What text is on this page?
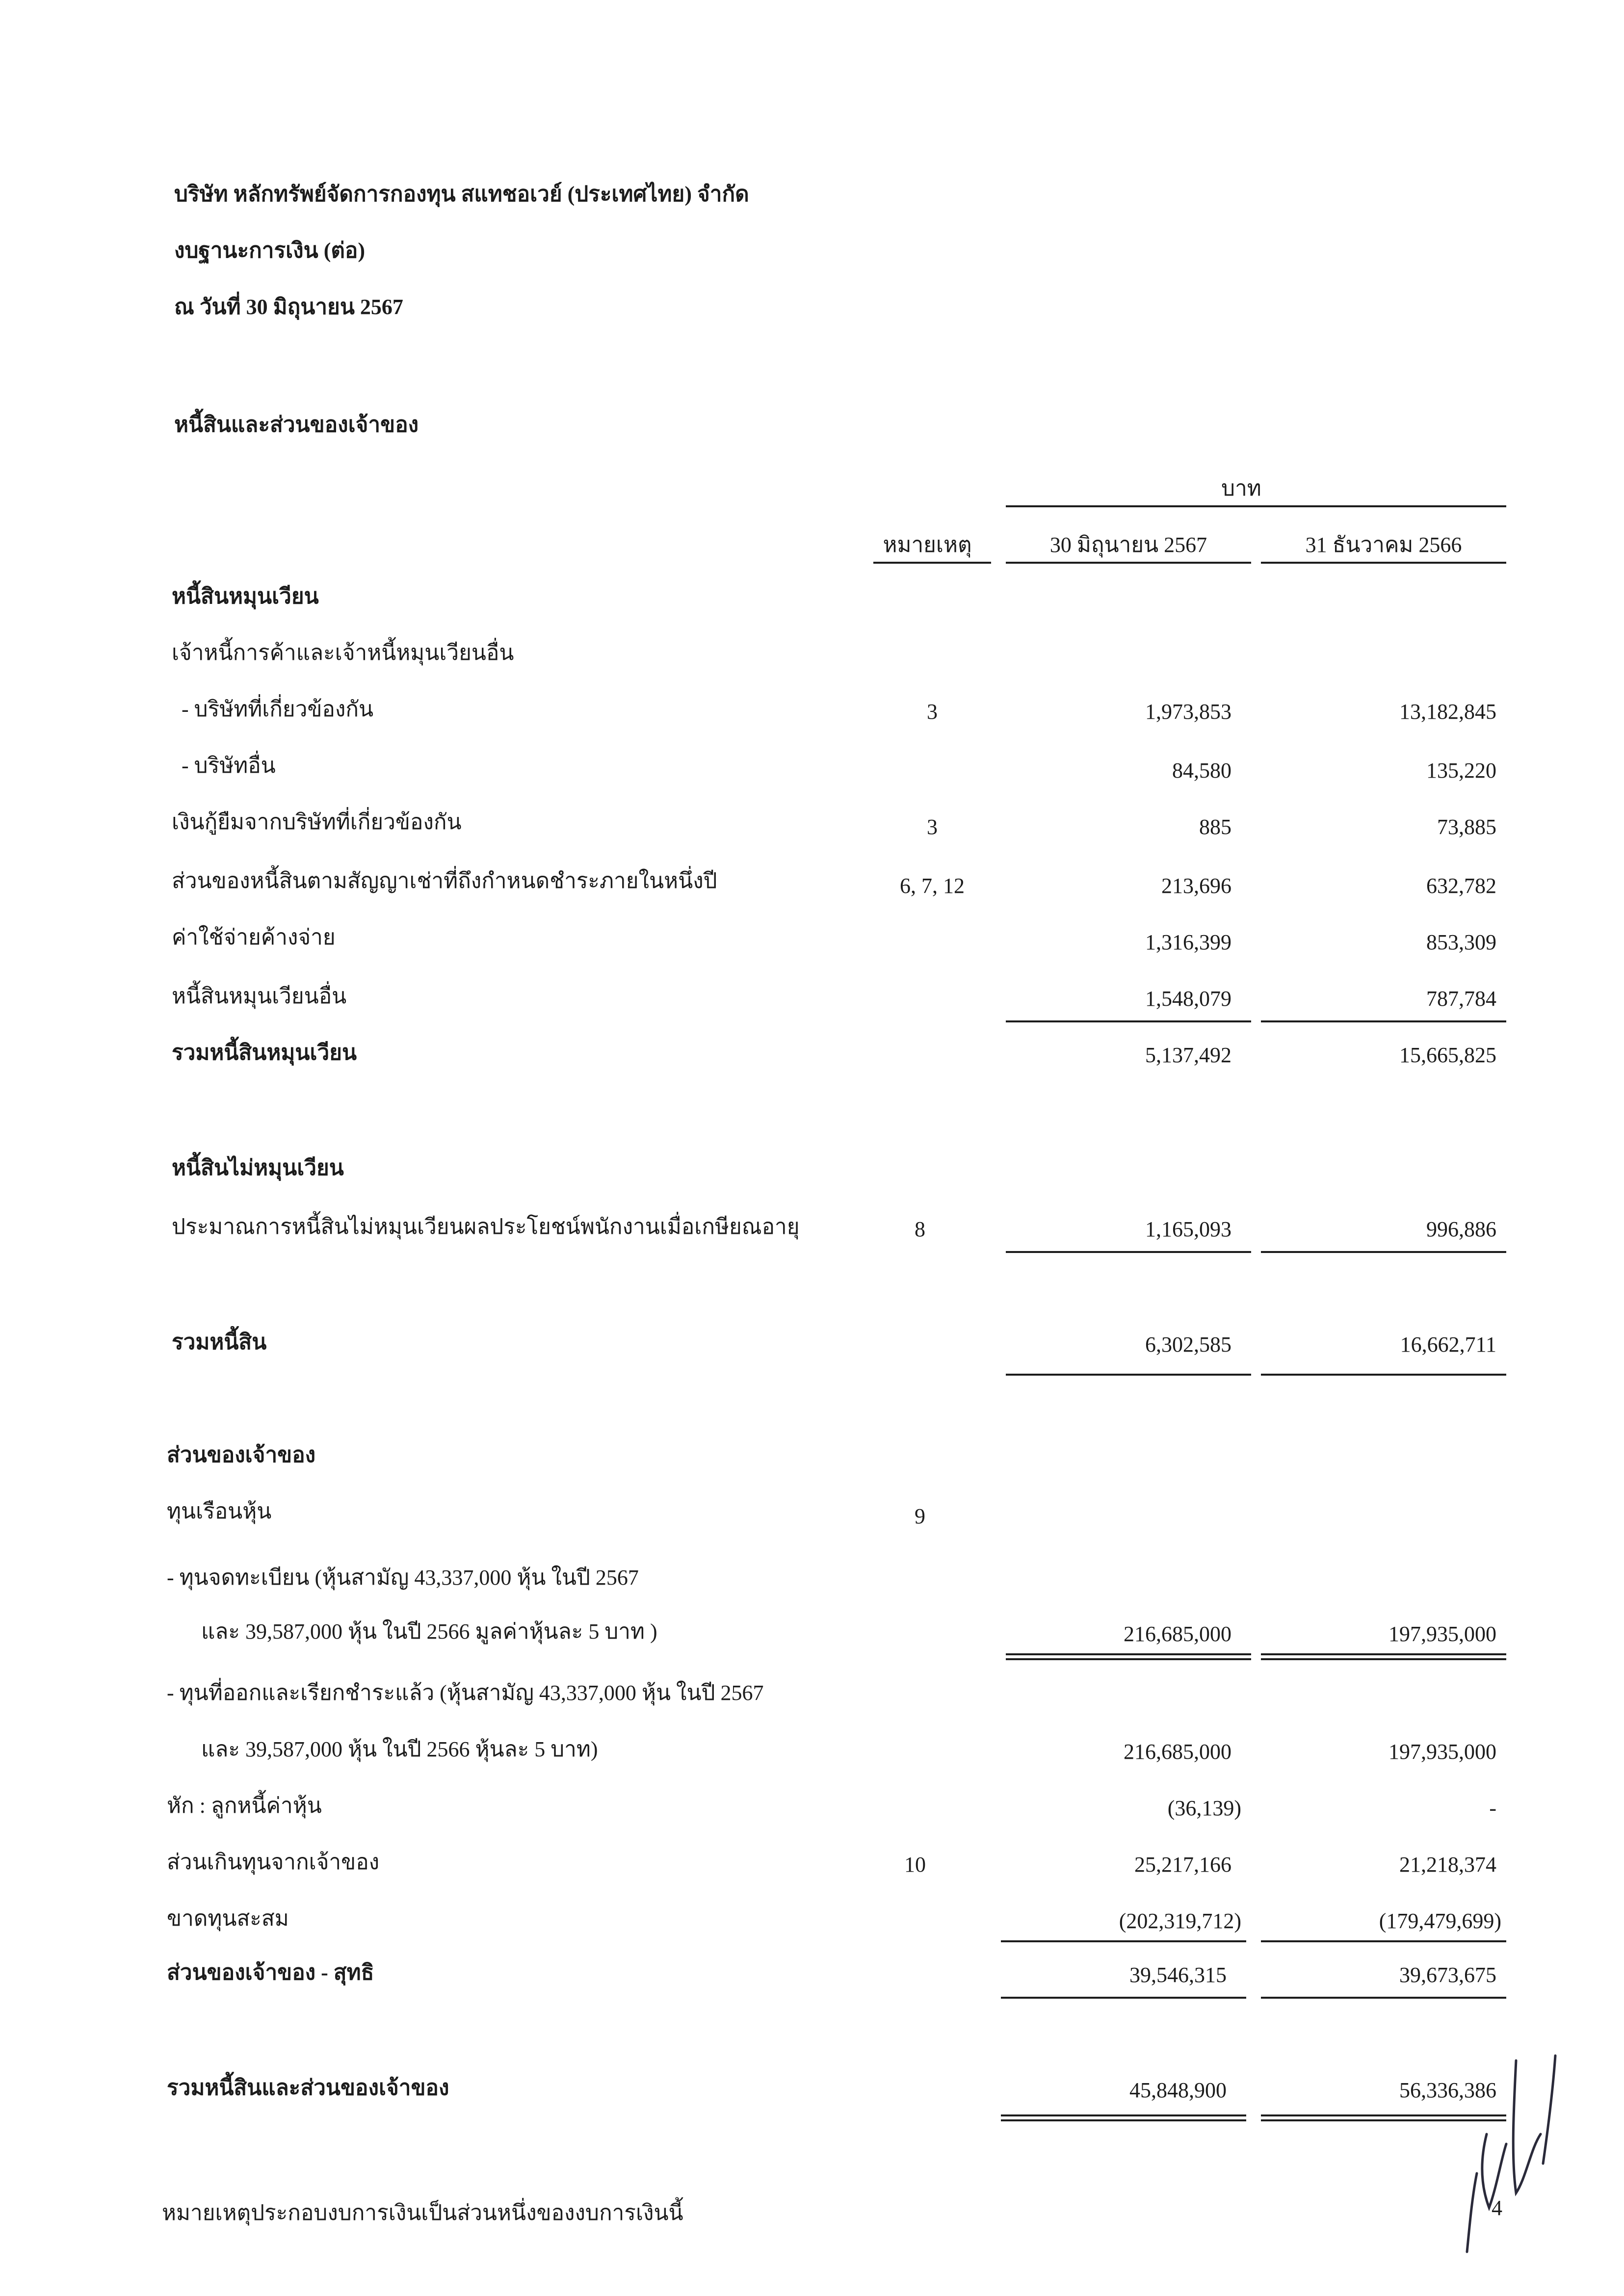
บริษัท หลักทรัพย์จัดการกองทุน สแทชอเวย์ (ประเทศไทย) จำกัด
งบฐานะการเงิน (ต่อ)
ณ วันที่ 30 มิถุนายน 2567
หนี้สินและส่วนของเจ้าของ
บาท
หมายเหตุ	30 มิถุนายน 2567	31 ธันวาคม 2566
หนี้สินหมุนเวียน
เจ้าหนี้การค้าและเจ้าหนี้หมุนเวียนอื่น
- บริษัทที่เกี่ยวข้องกัน	3	1,973,853	13,182,845
- บริษัทอื่น	84,580	135,220
เงินกู้ยืมจากบริษัทที่เกี่ยวข้องกัน	3	885	73,885
ส่วนของหนี้สินตามสัญญาเช่าที่ถึงกำหนดชำระภายในหนึ่งปี	6, 7, 12	213,696	632,782
ค่าใช้จ่ายค้างจ่าย	1,316,399	853,309
หนี้สินหมุนเวียนอื่น	1,548,079	787,784
รวมหนี้สินหมุนเวียน	5,137,492	15,665,825
หนี้สินไม่หมุนเวียน
ประมาณการหนี้สินไม่หมุนเวียนผลประโยชน์พนักงานเมื่อเกษียณอายุ	8	1,165,093	996,886
รวมหนี้สิน	6,302,585	16,662,711
ส่วนของเจ้าของ
ทุนเรือนหุ้น	9
- ทุนจดทะเบียน (หุ้นสามัญ 43,337,000 หุ้น ในปี 2567
และ 39,587,000 หุ้น ในปี 2566 มูลค่าหุ้นละ 5 บาท )	216,685,000	197,935,000
- ทุนที่ออกและเรียกชำระแล้ว (หุ้นสามัญ 43,337,000 หุ้น ในปี 2567
และ 39,587,000 หุ้น ในปี 2566 หุ้นละ 5 บาท)	216,685,000	197,935,000
หัก : ลูกหนี้ค่าหุ้น	(36,139)	-
ส่วนเกินทุนจากเจ้าของ	10	25,217,166	21,218,374
ขาดทุนสะสม	(202,319,712)	(179,479,699)
ส่วนของเจ้าของ - สุทธิ	39,546,315	39,673,675
รวมหนี้สินและส่วนของเจ้าของ	45,848,900	56,336,386
หมายเหตุประกอบงบการเงินเป็นส่วนหนึ่งของงบการเงินนี้	4
